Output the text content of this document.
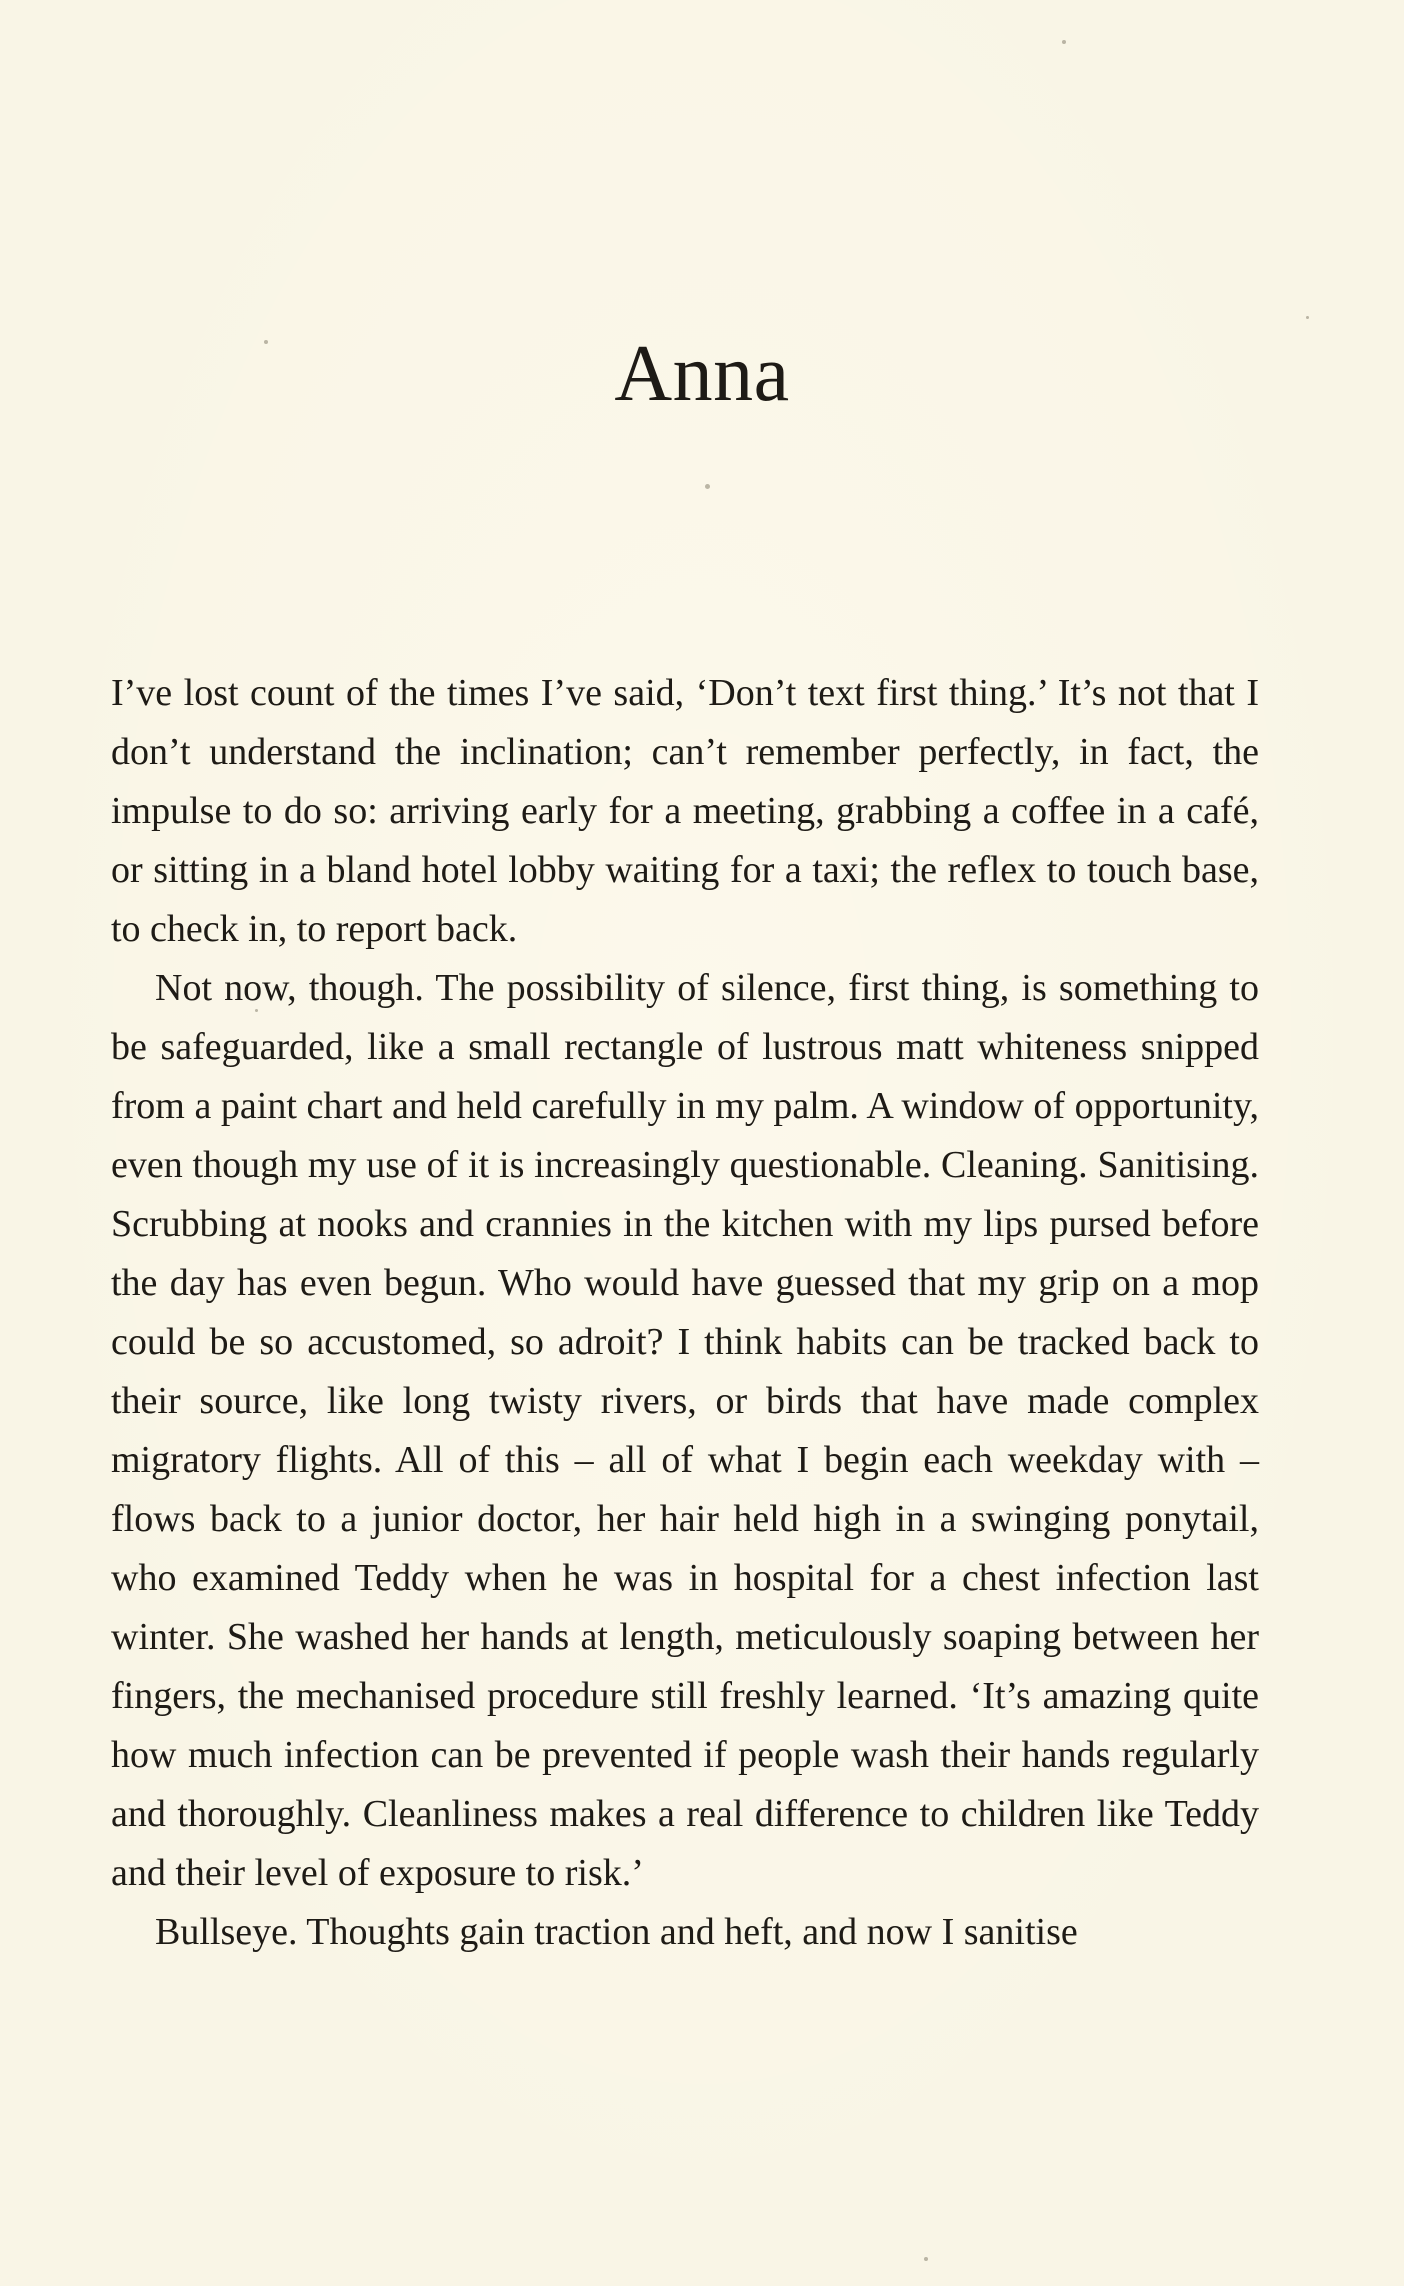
Anna

I’ve lost count of the times I’ve said, ‘Don’t text first thing.’ It’s not that I don’t understand the inclination; can’t remember perfectly, in fact, the impulse to do so: arriving early for a meeting, grabbing a coffee in a café, or sitting in a bland hotel lobby waiting for a taxi; the reflex to touch base, to check in, to report back.

Not now, though. The possibility of silence, first thing, is something to be safeguarded, like a small rectangle of lustrous matt whiteness snipped from a paint chart and held carefully in my palm. A window of opportunity, even though my use of it is increasingly questionable. Cleaning. Sanitising. Scrubbing at nooks and crannies in the kitchen with my lips pursed before the day has even begun. Who would have guessed that my grip on a mop could be so accustomed, so adroit? I think habits can be tracked back to their source, like long twisty rivers, or birds that have made complex migratory flights. All of this – all of what I begin each weekday with – flows back to a junior doctor, her hair held high in a swinging ponytail, who examined Teddy when he was in hospital for a chest infection last winter. She washed her hands at length, meticulously soaping between her fingers, the mechanised procedure still freshly learned. ‘It’s amazing quite how much infection can be prevented if people wash their hands regularly and thoroughly. Cleanliness makes a real difference to children like Teddy and their level of exposure to risk.’

Bullseye. Thoughts gain traction and heft, and now I sanitise
